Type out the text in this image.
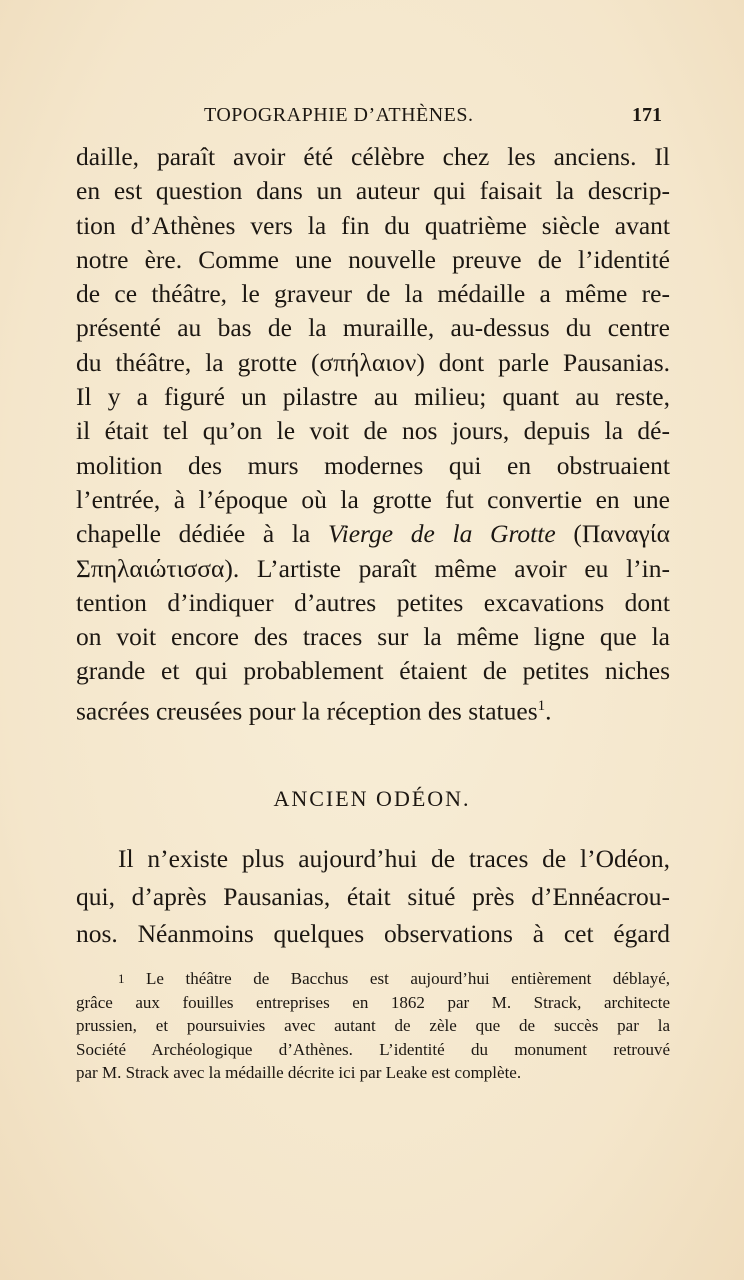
TOPOGRAPHIE D’ATHÈNES.	171
daille, paraît avoir été célèbre chez les anciens. Il
en est question dans un auteur qui faisait la descrip-
tion d’Athènes vers la fin du quatrième siècle avant
notre ère. Comme une nouvelle preuve de l’identité
de ce théâtre, le graveur de la médaille a même re-
présenté au bas de la muraille, au-dessus du centre
du théâtre, la grotte (σπήλαιον) dont parle Pausanias.
Il y a figuré un pilastre au milieu; quant au reste,
il était tel qu’on le voit de nos jours, depuis la dé-
molition des murs modernes qui en obstruaient
l’entrée, à l’époque où la grotte fut convertie en une
chapelle dédiée à la Vierge de la Grotte (Παναγία
Σπηλαιώτισσα). L’artiste paraît même avoir eu l’in-
tention d’indiquer d’autres petites excavations dont
on voit encore des traces sur la même ligne que la
grande et qui probablement étaient de petites niches
sacrées creusées pour la réception des statues$^1$.
ANCIEN ODÉON.
Il n’existe plus aujourd’hui de traces de l’Odéon,
qui, d’après Pausanias, était situé près d’Ennéacrou-
nos. Néanmoins quelques observations à cet égard
$^1$ Le théâtre de Bacchus est aujourd’hui entièrement déblayé,
grâce aux fouilles entreprises en 1862 par M. Strack, architecte
prussien, et poursuivies avec autant de zèle que de succès par la
Société Archéologique d’Athènes. L’identité du monument retrouvé
par M. Strack avec la médaille décrite ici par Leake est complète.
